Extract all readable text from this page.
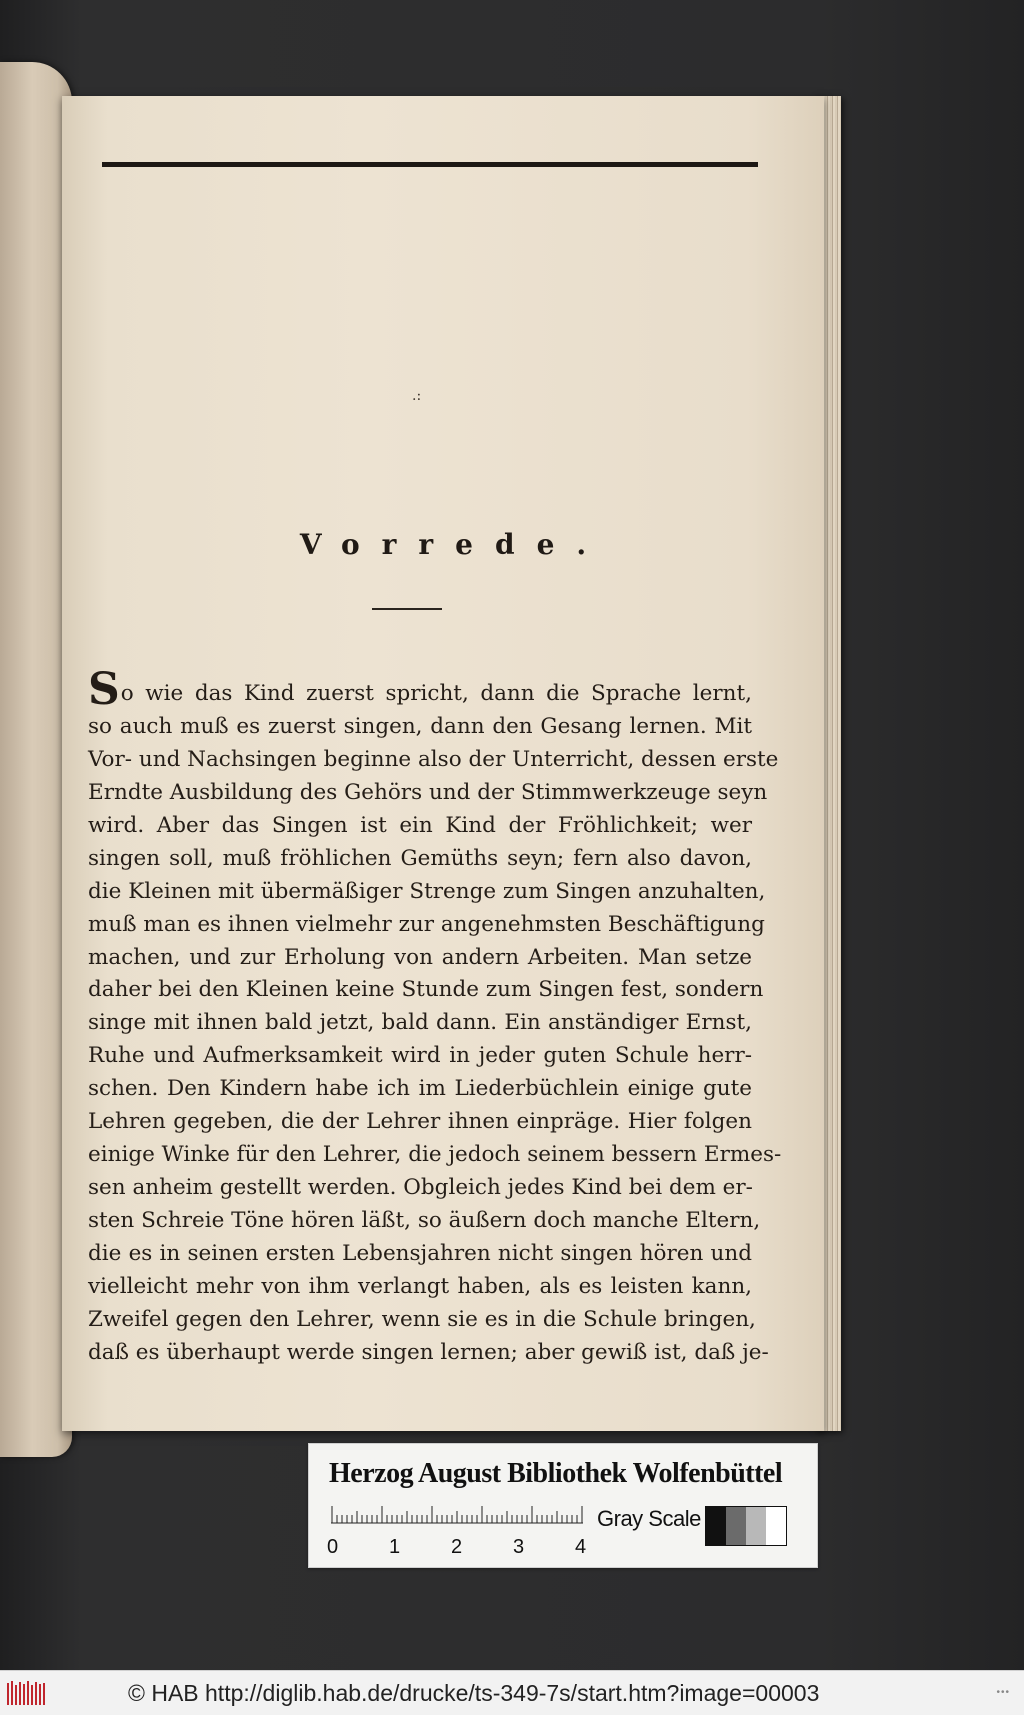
.:
Vorrede.
So wie das Kind zuerst spricht, dann die Sprache lernt,
so auch muß es zuerst singen, dann den Gesang lernen. Mit
Vor- und Nachsingen beginne also der Unterricht, dessen erste
Erndte Ausbildung des Gehörs und der Stimmwerkzeuge seyn
wird. Aber das Singen ist ein Kind der Fröhlichkeit; wer
singen soll, muß fröhlichen Gemüths seyn; fern also davon,
die Kleinen mit übermäßiger Strenge zum Singen anzuhalten,
muß man es ihnen vielmehr zur angenehmsten Beschäftigung
machen, und zur Erholung von andern Arbeiten. Man setze
daher bei den Kleinen keine Stunde zum Singen fest, sondern
singe mit ihnen bald jetzt, bald dann. Ein anständiger Ernst,
Ruhe und Aufmerksamkeit wird in jeder guten Schule herr-
schen. Den Kindern habe ich im Liederbüchlein einige gute
Lehren gegeben, die der Lehrer ihnen einpräge. Hier folgen
einige Winke für den Lehrer, die jedoch seinem bessern Ermes-
sen anheim gestellt werden. Obgleich jedes Kind bei dem er-
sten Schreie Töne hören läßt, so äußern doch manche Eltern,
die es in seinen ersten Lebensjahren nicht singen hören und
vielleicht mehr von ihm verlangt haben, als es leisten kann,
Zweifel gegen den Lehrer, wenn sie es in die Schule bringen,
daß es überhaupt werde singen lernen; aber gewiß ist, daß je-
Herzog August Bibliothek Wolfenbüttel
0	1	2	3	4
Gray Scale
© HAB http://diglib.hab.de/drucke/ts-349-7s/start.htm?image=00003	•••
